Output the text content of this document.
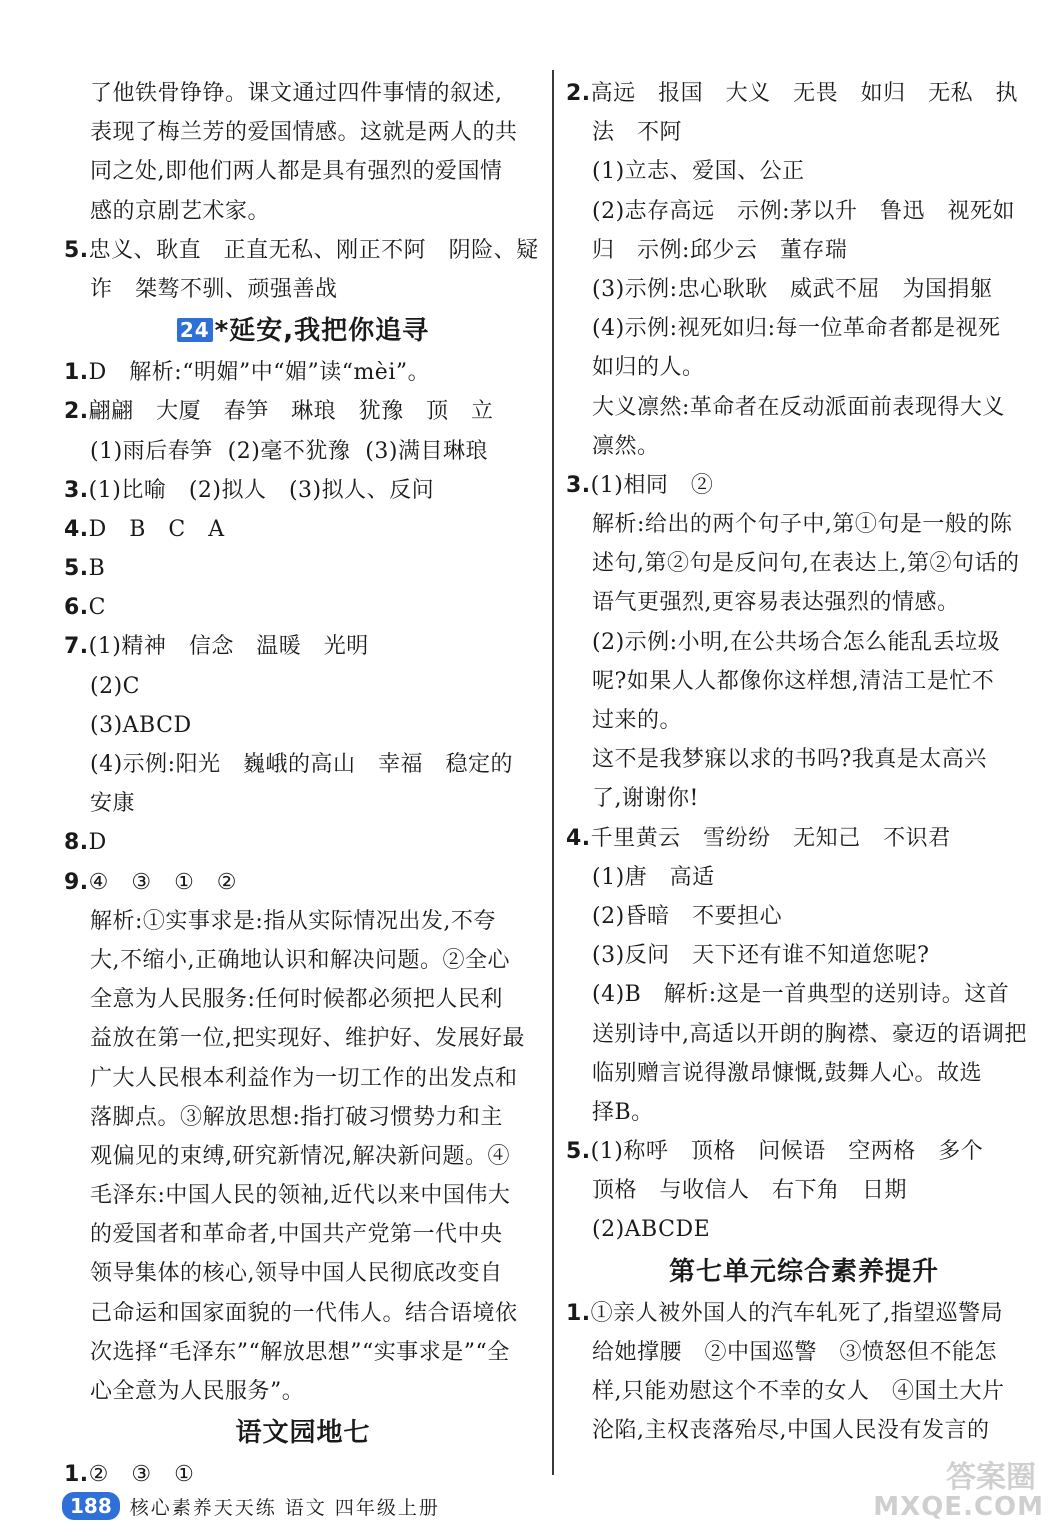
了他铁骨铮铮。课文通过四件事情的叙述,
表现了梅兰芳的爱国情感。这就是两人的共
同之处,即他们两人都是具有强烈的爱国情
感的京剧艺术家。
5.忠义、耿直   正直无私、刚正不阿   阴险、疑
诈   桀骜不驯、顽强善战
24 *延安,我把你追寻
1.D   解析:“明媚”中“媚”读“mèi”。
2.翩翩   大厦   春笋   琳琅   犹豫   顶   立
(1)雨后春笋  (2)毫不犹豫  (3)满目琳琅
3.(1)比喻   (2)拟人   (3)拟人、反问
4.D   B   C   A
5.B
6.C
7.(1)精神   信念   温暖   光明
(2)C
(3)ABCD
(4)示例:阳光   巍峨的高山   幸福   稳定的
安康
8.D
9.④   ③   ①   ②
解析:①实事求是:指从实际情况出发,不夸
大,不缩小,正确地认识和解决问题。②全心
全意为人民服务:任何时候都必须把人民利
益放在第一位,把实现好、维护好、发展好最
广大人民根本利益作为一切工作的出发点和
落脚点。③解放思想:指打破习惯势力和主
观偏见的束缚,研究新情况,解决新问题。④
毛泽东:中国人民的领袖,近代以来中国伟大
的爱国者和革命者,中国共产党第一代中央
领导集体的核心,领导中国人民彻底改变自
己命运和国家面貌的一代伟人。结合语境依
次选择“毛泽东”“解放思想”“实事求是”“全
心全意为人民服务”。
语文园地七
1.②   ③   ①
2.高远   报国   大义   无畏   如归   无私   执
法   不阿
(1)立志、爱国、公正
(2)志存高远   示例:茅以升   鲁迅   视死如
归   示例:邱少云   董存瑞
(3)示例:忠心耿耿   威武不屈   为国捐躯
(4)示例:视死如归:每一位革命者都是视死
如归的人。
大义凛然:革命者在反动派面前表现得大义
凛然。
3.(1)相同   ②
解析:给出的两个句子中,第①句是一般的陈
述句,第②句是反问句,在表达上,第②句话的
语气更强烈,更容易表达强烈的情感。
(2)示例:小明,在公共场合怎么能乱丢垃圾
呢?如果人人都像你这样想,清洁工是忙不
过来的。
这不是我梦寐以求的书吗?我真是太高兴
了,谢谢你!
4.千里黄云   雪纷纷   无知己   不识君
(1)唐   高适
(2)昏暗   不要担心
(3)反问   天下还有谁不知道您呢?
(4)B   解析:这是一首典型的送别诗。这首
送别诗中,高适以开朗的胸襟、豪迈的语调把
临别赠言说得激昂慷慨,鼓舞人心。故选
择B。
5.(1)称呼   顶格   问候语   空两格   多个
顶格   与收信人   右下角   日期
(2)ABCDE
第七单元综合素养提升
1.①亲人被外国人的汽车轧死了,指望巡警局
给她撑腰   ②中国巡警   ③愤怒但不能怎
样,只能劝慰这个不幸的女人   ④国土大片
沦陷,主权丧落殆尽,中国人民没有发言的
188 核心素养天天练 语文 四年级上册
答案圈
MXQE.COM
